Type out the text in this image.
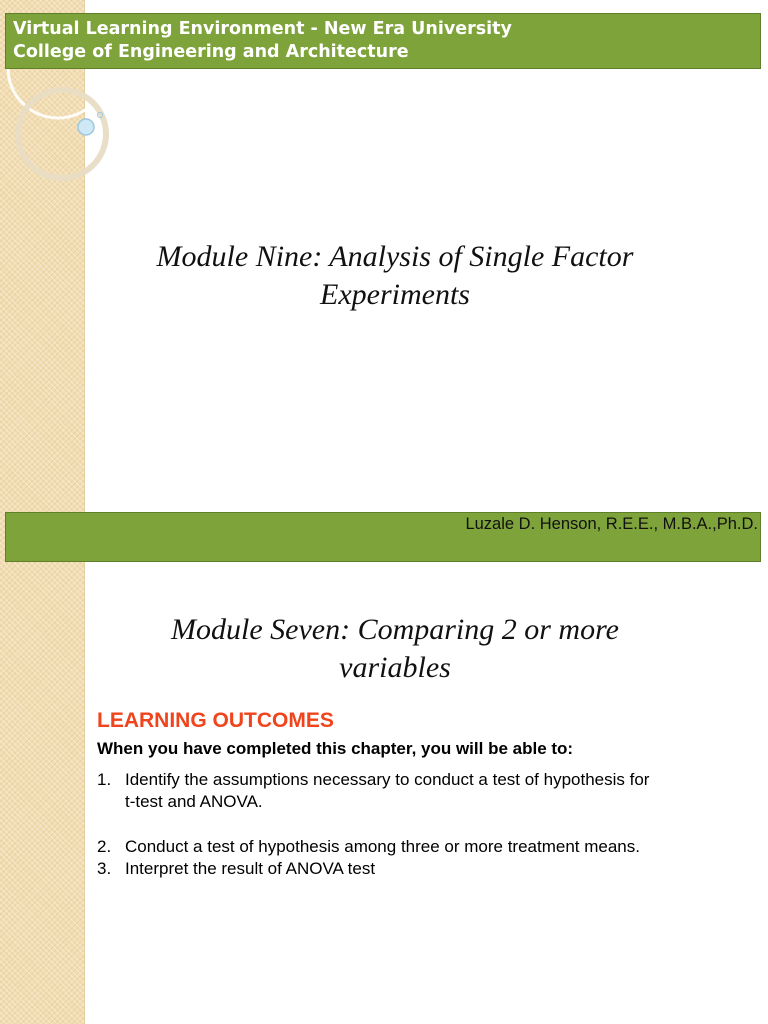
Virtual Learning Environment - New Era University
College of Engineering and Architecture
Module Nine: Analysis of Single Factor
Experiments
Luzale D. Henson, R.E.E., M.B.A.,Ph.D.
Module Seven: Comparing 2 or more
variables
LEARNING OUTCOMES
When you have completed this chapter, you will be able to:
1. Identify the assumptions necessary to conduct a test of hypothesis for
t-test and ANOVA.
2. Conduct a test of hypothesis among three or more treatment means.
3. Interpret the result of ANOVA test
